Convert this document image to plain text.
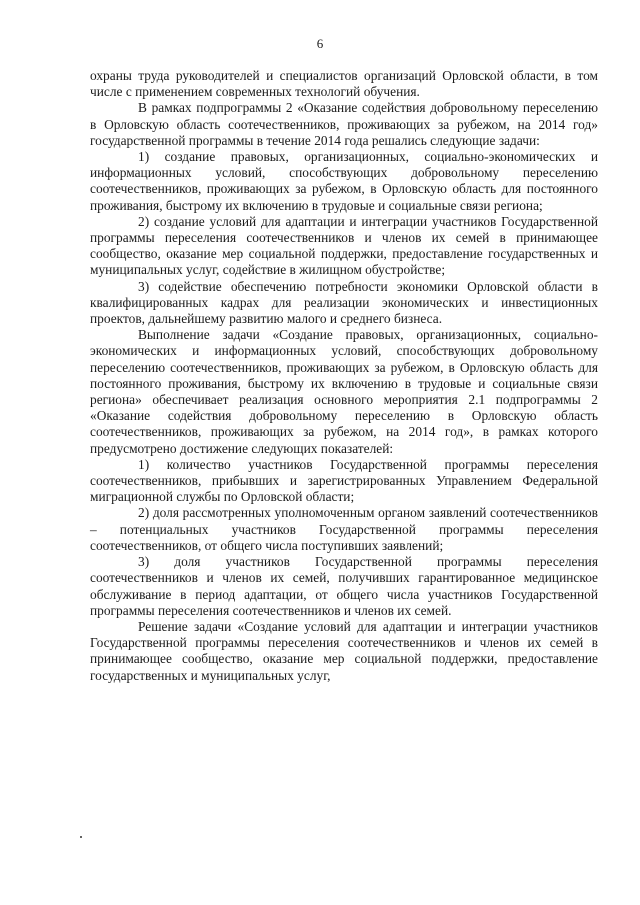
6

охраны труда руководителей и специалистов организаций Орловской области, в том числе с применением современных технологий обучения.

В рамках подпрограммы 2 «Оказание содействия добровольному переселению в Орловскую область соотечественников, проживающих за рубежом, на 2014 год» государственной программы в течение 2014 года решались следующие задачи:

1) создание правовых, организационных, социально-экономических и информационных условий, способствующих добровольному переселению соотечественников, проживающих за рубежом, в Орловскую область для постоянного проживания, быстрому их включению в трудовые и социальные связи региона;

2) создание условий для адаптации и интеграции участников Государственной программы переселения соотечественников и членов их семей в принимающее сообщество, оказание мер социальной поддержки, предоставление государственных и муниципальных услуг, содействие в жилищном обустройстве;

3) содействие обеспечению потребности экономики Орловской области в квалифицированных кадрах для реализации экономических и инвестиционных проектов, дальнейшему развитию малого и среднего бизнеса.

Выполнение задачи «Создание правовых, организационных, социально-экономических и информационных условий, способствующих добровольному переселению соотечественников, проживающих за рубежом, в Орловскую область для постоянного проживания, быстрому их включению в трудовые и социальные связи региона» обеспечивает реализация основного мероприятия 2.1 подпрограммы 2 «Оказание содействия добровольному переселению в Орловскую область соотечественников, проживающих за рубежом, на 2014 год», в рамках которого предусмотрено достижение следующих показателей:

1) количество участников Государственной программы переселения соотечественников, прибывших и зарегистрированных Управлением Федеральной миграционной службы по Орловской области;

2) доля рассмотренных уполномоченным органом заявлений соотечественников – потенциальных участников Государственной программы переселения соотечественников, от общего числа поступивших заявлений;

3) доля участников Государственной программы переселения соотечественников и членов их семей, получивших гарантированное медицинское обслуживание в период адаптации, от общего числа участников Государственной программы переселения соотечественников и членов их семей.

Решение задачи «Создание условий для адаптации и интеграции участников Государственной программы переселения соотечественников и членов их семей в принимающее сообщество, оказание мер социальной поддержки, предоставление государственных и муниципальных услуг,
